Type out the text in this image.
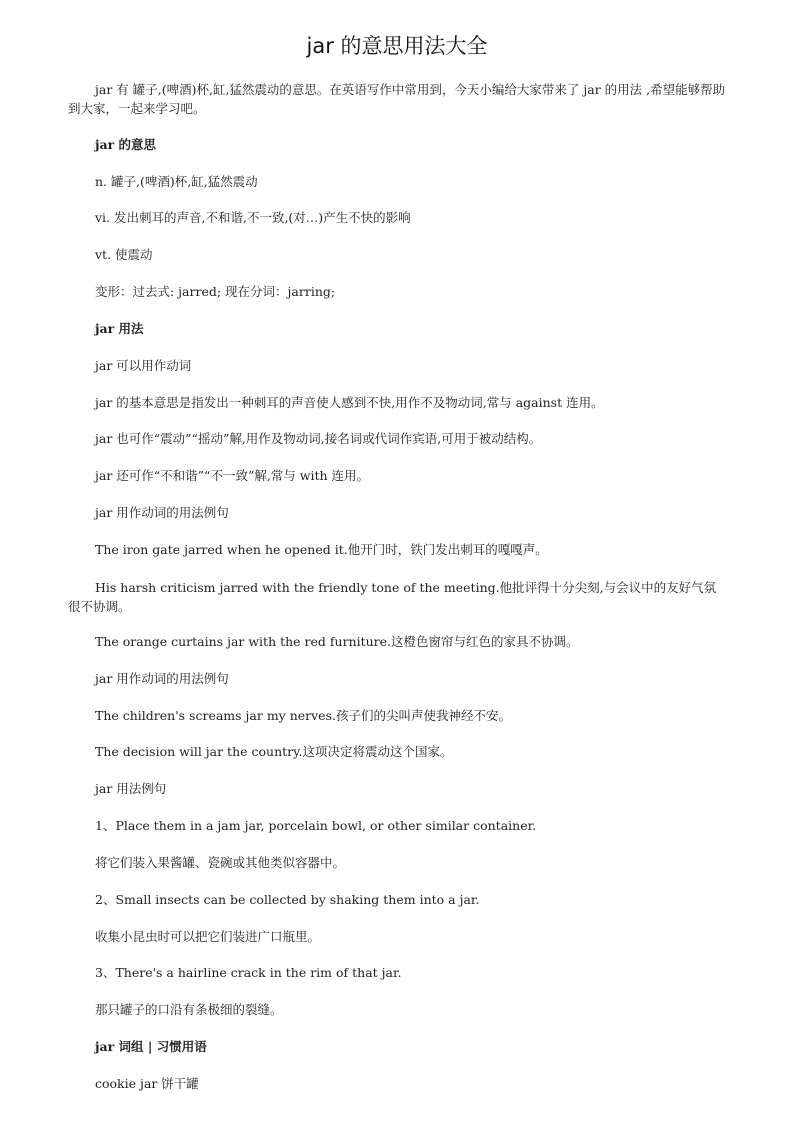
jar 的意思用法大全

jar 有 罐子,(啤酒)杯,缸,猛然震动的意思。在英语写作中常用到，今天小编给大家带来了 jar 的用法 ,希望能够帮助到大家，一起来学习吧。

jar 的意思

n. 罐子,(啤酒)杯,缸,猛然震动

vi. 发出刺耳的声音,不和谐,不一致,(对…)产生不快的影响

vt. 使震动

变形：过去式: jarred; 现在分词：jarring;

jar 用法

jar 可以用作动词

jar 的基本意思是指发出一种刺耳的声音使人感到不快,用作不及物动词,常与 against 连用。

jar 也可作“震动”“摇动”解,用作及物动词,接名词或代词作宾语,可用于被动结构。

jar 还可作“不和谐”“不一致”解,常与 with 连用。

jar 用作动词的用法例句

The iron gate jarred when he opened it.他开门时，铁门发出刺耳的嘎嘎声。

His harsh criticism jarred with the friendly tone of the meeting.他批评得十分尖刻,与会议中的友好气氛很不协调。

The orange curtains jar with the red furniture.这橙色窗帘与红色的家具不协调。

jar 用作动词的用法例句

The children's screams jar my nerves.孩子们的尖叫声使我神经不安。

The decision will jar the country.这项决定将震动这个国家。

jar 用法例句

1、Place them in a jam jar, porcelain bowl, or other similar container.

将它们装入果酱罐、瓷碗或其他类似容器中。

2、Small insects can be collected by shaking them into a jar.

收集小昆虫时可以把它们装进广口瓶里。

3、There's a hairline crack in the rim of that jar.

那只罐子的口沿有条极细的裂缝。

jar 词组 | 习惯用语

cookie jar 饼干罐
